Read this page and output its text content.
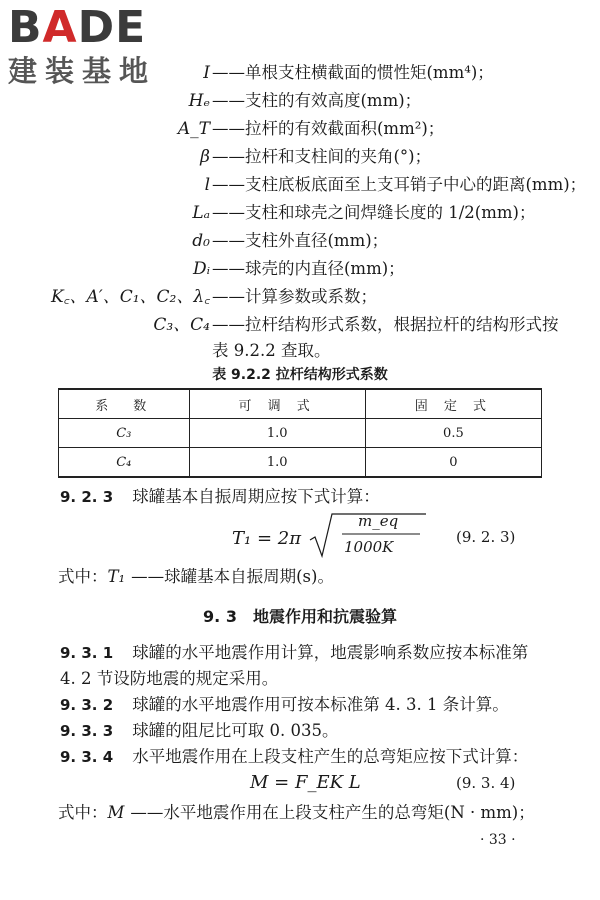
BADE
建装基地	I ——单根支柱横截面的惯性矩(mm⁴)；
Hₑ ——支柱的有效高度(mm)；
A_T ——拉杆的有效截面积(mm²)；
β ——拉杆和支柱间的夹角(°)；
l ——支柱底板底面至上支耳销子中心的距离(mm)；
Lₐ ——支柱和球壳之间焊缝长度的 1/2(mm)；
d₀ ——支柱外直径(mm)；
Dᵢ ——球壳的内直径(mm)；
K꜀、A′、C₁、C₂、λ꜀ ——计算参数或系数；
C₃、C₄ ——拉杆结构形式系数，根据拉杆的结构形式按
表 9.2.2 查取。
表 9.2.2 拉杆结构形式系数
系　数	可 调 式	固 定 式
C₃	1.0	0.5
C₄	1.0	0
9. 2. 3 球罐基本自振周期应按下式计算：
T₁ = 2π
m_eq
1000K
(9. 2. 3)
式中：T₁ ——球罐基本自振周期(s)。
9. 3 地震作用和抗震验算
9. 3. 1 球罐的水平地震作用计算，地震影响系数应按本标准第
4. 2 节设防地震的规定采用。
9. 3. 2 球罐的水平地震作用可按本标准第 4. 3. 1 条计算。
9. 3. 3 球罐的阻尼比可取 0. 035。
9. 3. 4 水平地震作用在上段支柱产生的总弯矩应按下式计算：
M = F_EK L	(9. 3. 4)
式中：M ——水平地震作用在上段支柱产生的总弯矩(N · mm)；
· 33 ·
